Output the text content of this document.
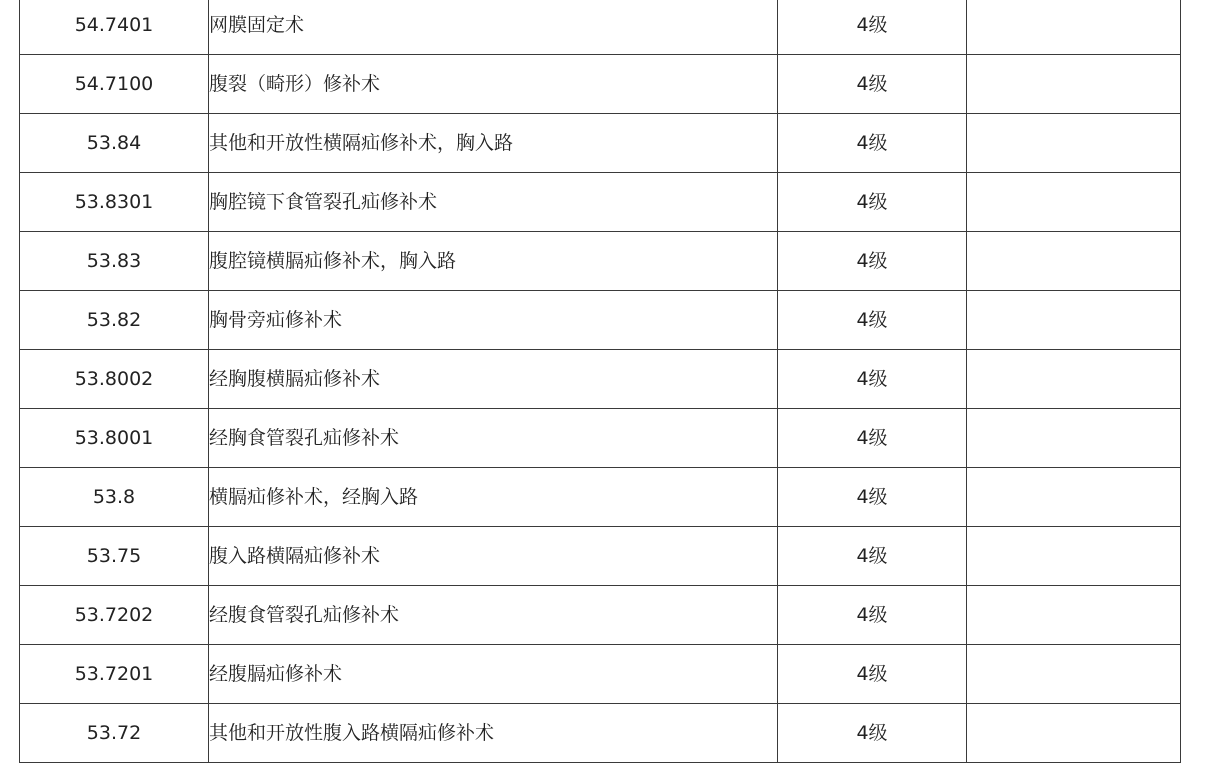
54.7401	网膜固定术	4级	
54.7100	腹裂（畸形）修补术	4级	
53.84	其他和开放性横隔疝修补术，胸入路	4级	
53.8301	胸腔镜下食管裂孔疝修补术	4级	
53.83	腹腔镜横膈疝修补术，胸入路	4级	
53.82	胸骨旁疝修补术	4级	
53.8002	经胸腹横膈疝修补术	4级	
53.8001	经胸食管裂孔疝修补术	4级	
53.8	横膈疝修补术，经胸入路	4级	
53.75	腹入路横隔疝修补术	4级	
53.7202	经腹食管裂孔疝修补术	4级	
53.7201	经腹膈疝修补术	4级	
53.72	其他和开放性腹入路横隔疝修补术	4级	
